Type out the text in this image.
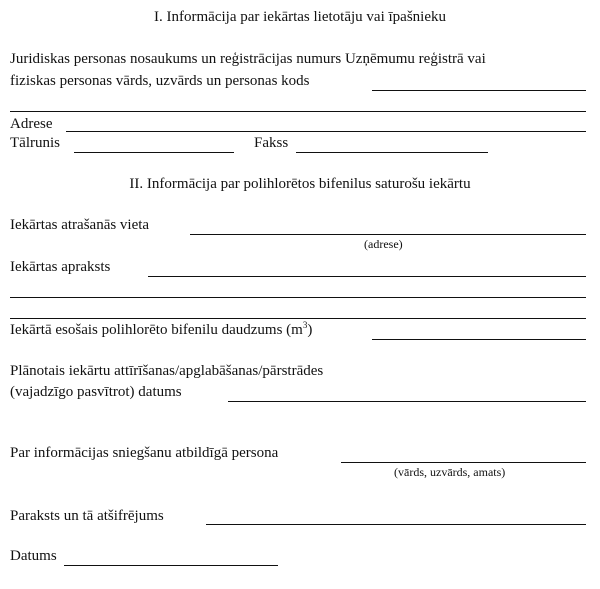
I. Informācija par iekārtas lietotāju vai īpašnieku
Juridiskas personas nosaukums un reģistrācijas numurs Uzņēmumu reģistrā vai
fiziskas personas vārds, uzvārds un personas kods
Adrese
Tālrunis	Fakss
II. Informācija par polihlorētos bifenilus saturošu iekārtu
Iekārtas atrašanās vieta
(adrese)
Iekārtas apraksts
Iekārtā esošais polihlorēto bifenilu daudzums $(m^3)$
Plānotais iekārtu attīrīšanas/apglabāšanas/pārstrādes
(vajadzīgo pasvītrot) datums
Par informācijas sniegšanu atbildīgā persona
(vārds, uzvārds, amats)
Paraksts un tā atšifrējums
Datums
